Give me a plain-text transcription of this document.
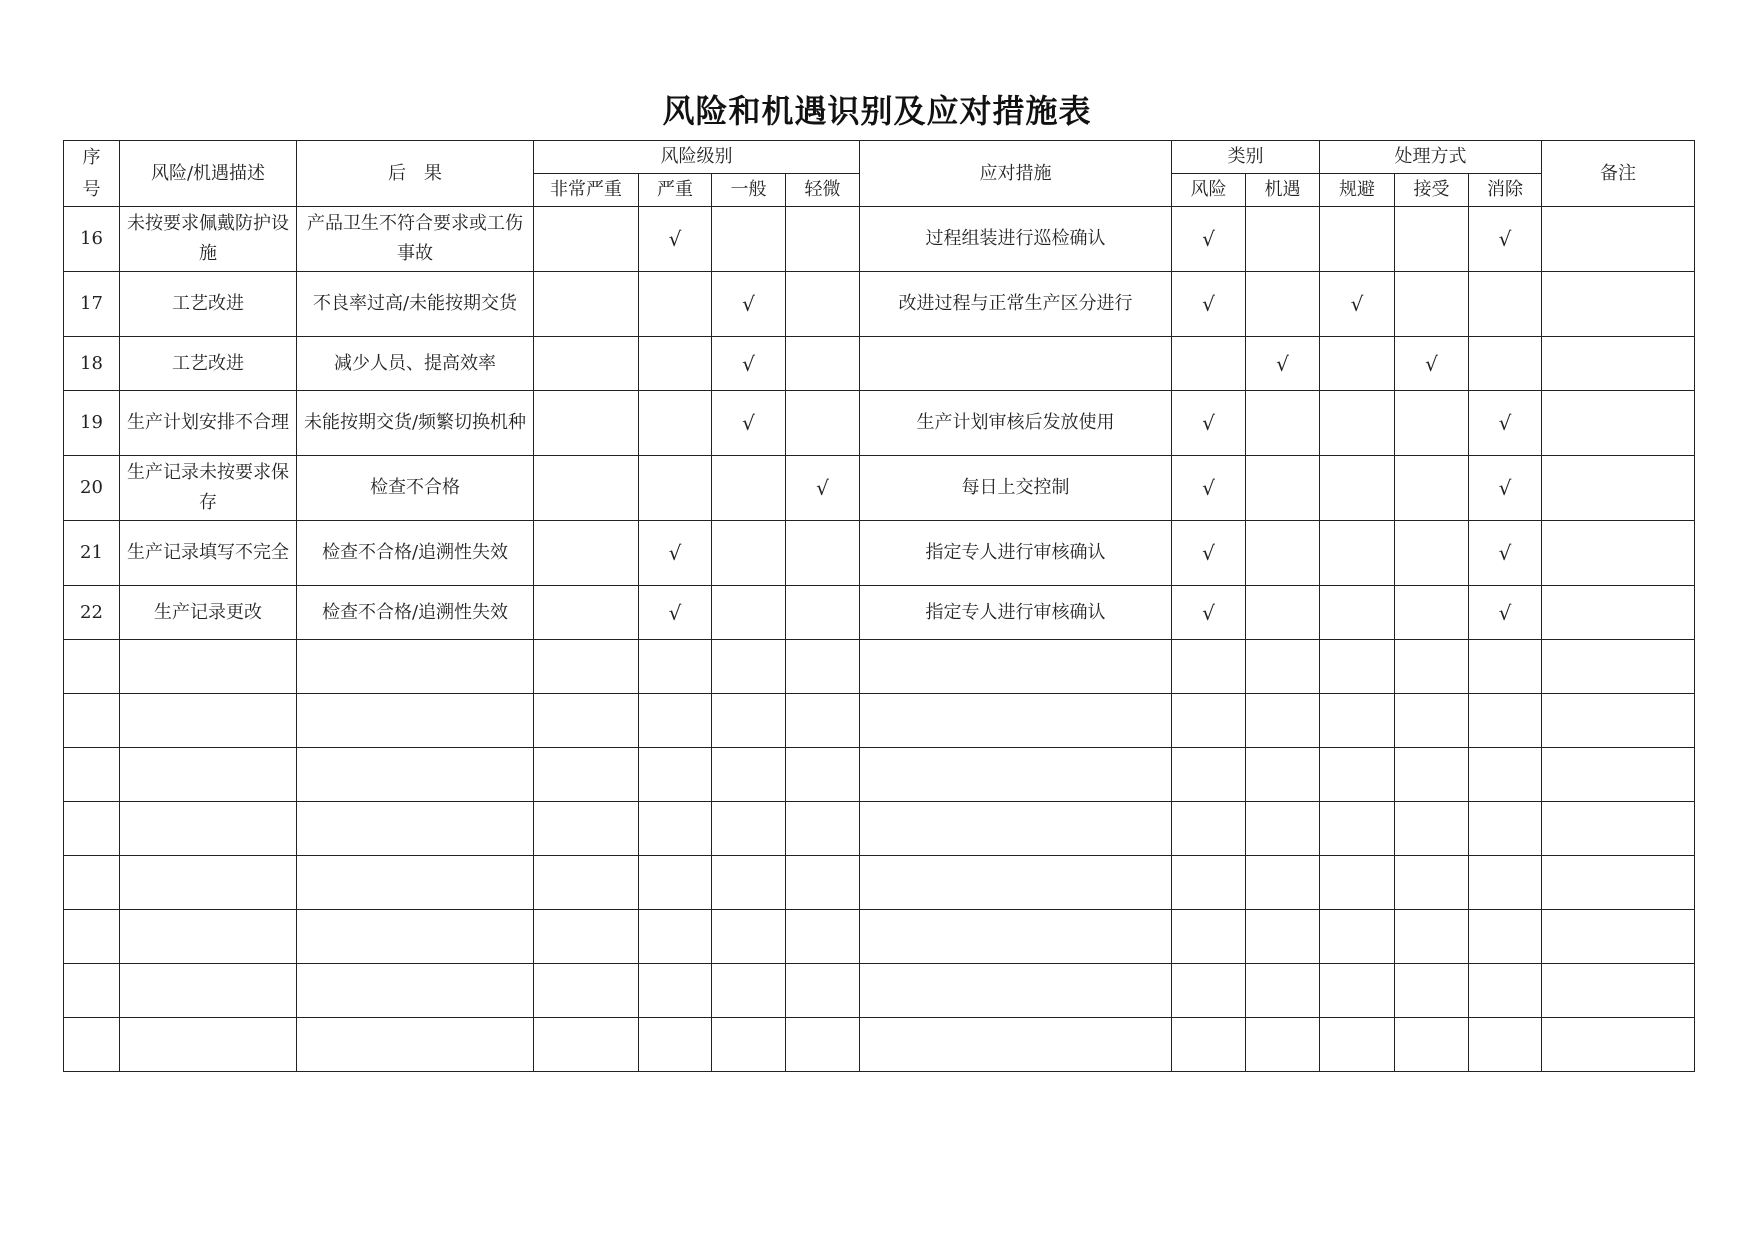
风险和机遇识别及应对措施表
序号	风险/机遇描述	后　果	风险级别				应对措施	类别		处理方式			备注
			非常严重	严重	一般	轻微		风险	机遇	规避	接受	消除	
16	未按要求佩戴防护设施	产品卫生不符合要求或工伤事故		√			过程组装进行巡检确认	√				√	
17	工艺改进	不良率过高/未能按期交货			√		改进过程与正常生产区分进行	√		√			
18	工艺改进	减少人员、提高效率			√				√		√		
19	生产计划安排不合理	未能按期交货/频繁切换机种			√		生产计划审核后发放使用	√				√	
20	生产记录未按要求保存	检查不合格				√	每日上交控制	√				√	
21	生产记录填写不完全	检查不合格/追溯性失效		√			指定专人进行审核确认	√				√	
22	生产记录更改	检查不合格/追溯性失效		√			指定专人进行审核确认	√				√	
